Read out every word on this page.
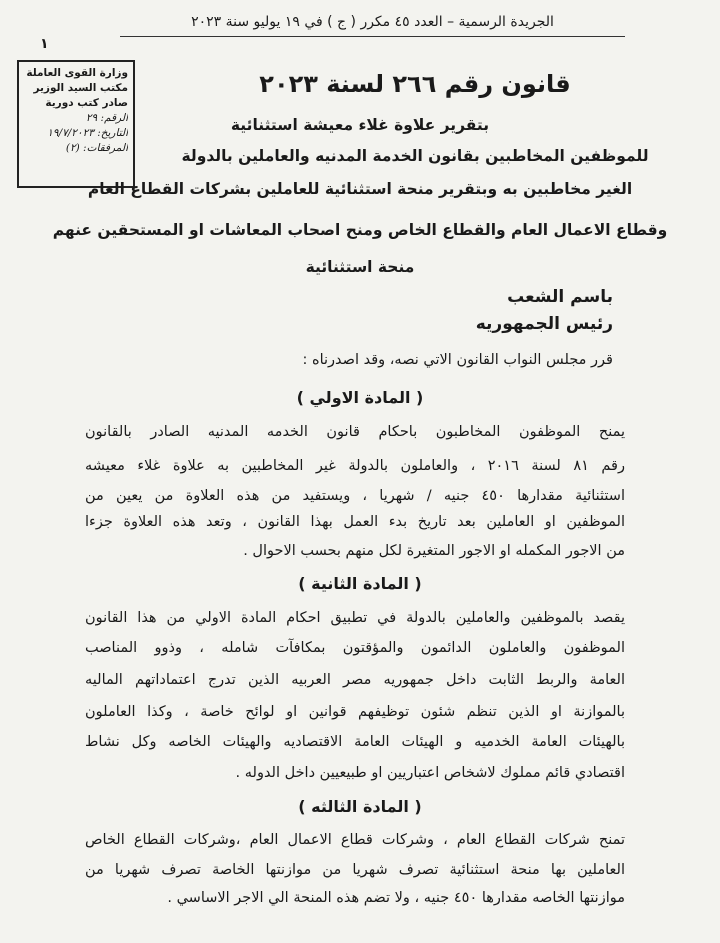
الجريدة الرسمية – العدد ٤٥ مكرر ( ج ) في ١٩ يوليو سنة ٢٠٢٣
١
وزارة القوى العاملة
مكتب السيد الوزير
صادر كتب دورية
الرقم: ٢٩
التاريخ: ١٩/٧/٢٠٢٣
المرفقات: (٢)
قانون رقم ٢٦٦ لسنة ٢٠٢٣
بتقرير علاوة غلاء معيشة استثنائية
للموظفين المخاطبين بقانون الخدمة المدنيه والعاملين بالدولة
الغير مخاطبين به وبتقرير منحة استثنائية للعاملين بشركات القطاع العام
وقطاع الاعمال العام والقطاع الخاص ومنح اصحاب المعاشات او المستحقين عنهم
منحة استثنائية
باسم الشعب
رئيس الجمهوريه
قرر مجلس النواب القانون الاتي نصه، وقد اصدرناه :
( المادة الاولي )
يمنح الموظفون المخاطبون باحكام قانون الخدمه المدنيه الصادر بالقانون
رقم ٨١ لسنة ٢٠١٦ ، والعاملون بالدولة غير المخاطبين به علاوة غلاء معيشه
استثنائية مقدارها ٤٥٠ جنيه / شهريا ، ويستفيد من هذه العلاوة من يعين من
الموظفين او العاملين بعد تاريخ بدء العمل بهذا القانون ، وتعد هذه العلاوة جزءا
من الاجور المكمله او الاجور المتغيرة لكل منهم بحسب الاحوال .
( المادة الثانية )
يقصد بالموظفين والعاملين بالدولة في تطبيق احكام المادة الاولي من هذا القانون
الموظفون والعاملون الدائمون والمؤقتون بمكافآت شامله ، وذوو المناصب
العامة والربط الثابت داخل جمهوريه مصر العربيه الذين تدرج اعتماداتهم الماليه
بالموازنة او الذين تنظم شئون توظيفهم قوانين او لوائح خاصة ، وكذا العاملون
بالهيئات العامة الخدميه و الهيئات العامة الاقتصاديه والهيئات الخاصه وكل نشاط
اقتصادي قائم مملوك لاشخاص اعتباريين او طبيعيين داخل الدوله .
( المادة الثالثه )
تمنح شركات القطاع العام ، وشركات قطاع الاعمال العام ،وشركات القطاع الخاص
العاملين بها منحة استثنائية تصرف شهريا من موازنتها الخاصة تصرف شهريا من
موازنتها الخاصه مقدارها ٤٥٠ جنيه ، ولا تضم هذه المنحة الي الاجر الاساسي .
